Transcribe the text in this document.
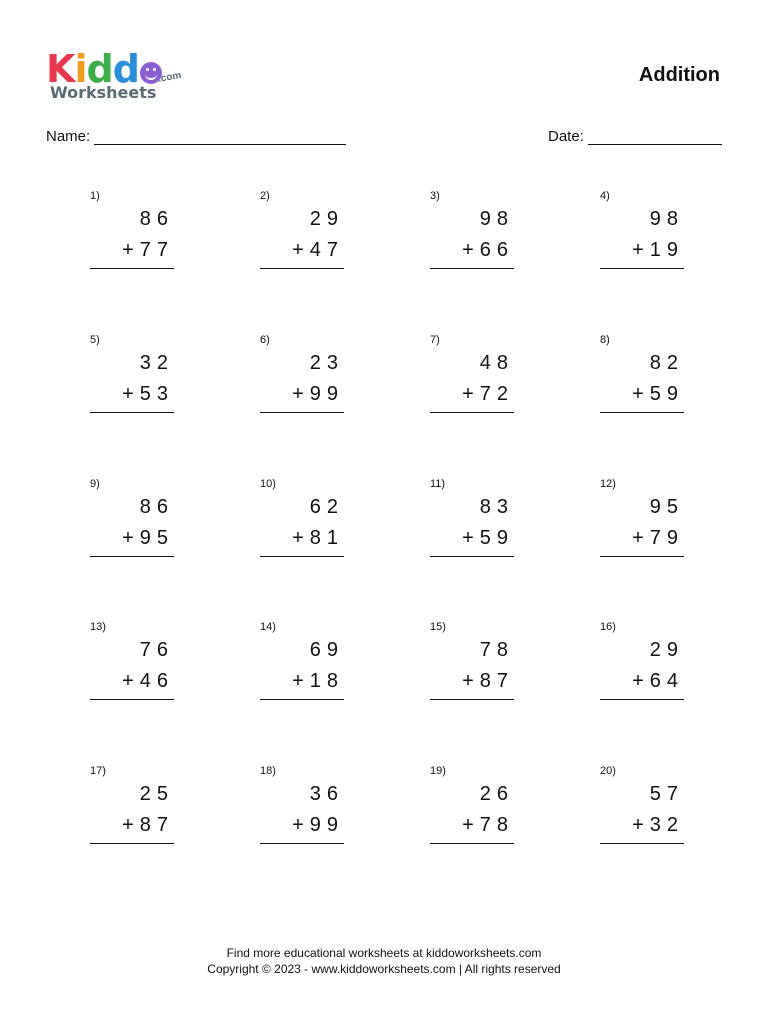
Kidd
Worksheets
.com	Addition
Name:	Date:
1)
86
+77
2)
29
+47
3)
98
+66
4)
98
+19
5)
32
+53
6)
23
+99
7)
48
+72
8)
82
+59
9)
86
+95
10)
62
+81
11)
83
+59
12)
95
+79
13)
76
+46
14)
69
+18
15)
78
+87
16)
29
+64
17)
25
+87
18)
36
+99
19)
26
+78
20)
57
+32
Find more educational worksheets at kiddoworksheets.com
Copyright © 2023 - www.kiddoworksheets.com | All rights reserved
